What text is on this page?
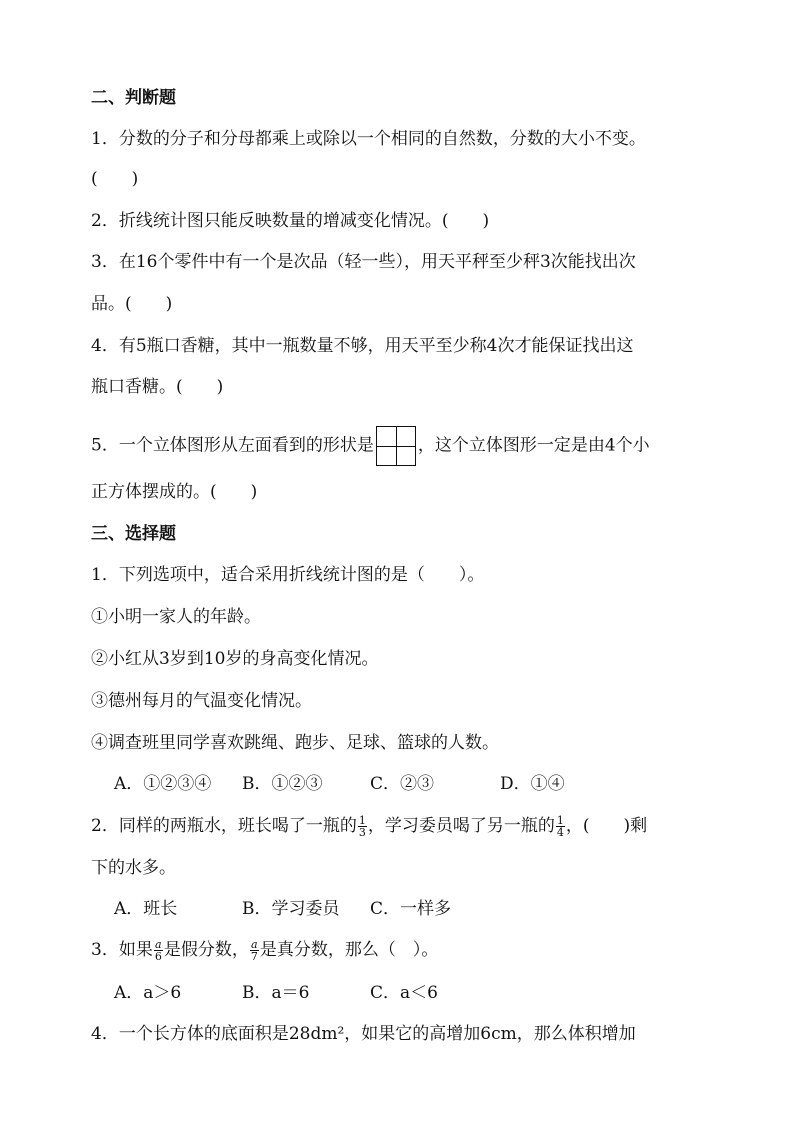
二、判断题

1．分数的分子和分母都乘上或除以一个相同的自然数，分数的大小不变。

(　　)

2．折线统计图只能反映数量的增减变化情况。(　　)

3．在16个零件中有一个是次品（轻一些），用天平秤至少秤3次能找出次

品。(　　)

4．有5瓶口香糖，其中一瓶数量不够，用天平至少称4次才能保证找出这

瓶口香糖。(　　)

5．一个立体图形从左面看到的形状是	，这个立体图形一定是由4个小

正方体摆成的。(　　)

三、选择题

1．下列选项中，适合采用折线统计图的是（　　）。

①小明一家人的年龄。

②小红从3岁到10岁的身高变化情况。

③德州每月的气温变化情况。

④调查班里同学喜欢跳绳、跑步、足球、篮球的人数。

A．①②③④ B．①②③	C．②③	D．①④

2．同样的两瓶水，班长喝了一瓶的 $\frac{1}{3}$ ，学习委员喝了另一瓶的 $\frac{1}{4}$ ，(　　)剩

下的水多。

A．班长	B．学习委员 C．一样多

3．如果 $\frac{a}{6}$ 是假分数， $\frac{a}{7}$ 是真分数，那么（　）。

A．a＞6	B．a＝6	C．a＜6

4．一个长方体的底面积是28dm²，如果它的高增加6cm，那么体积增加
